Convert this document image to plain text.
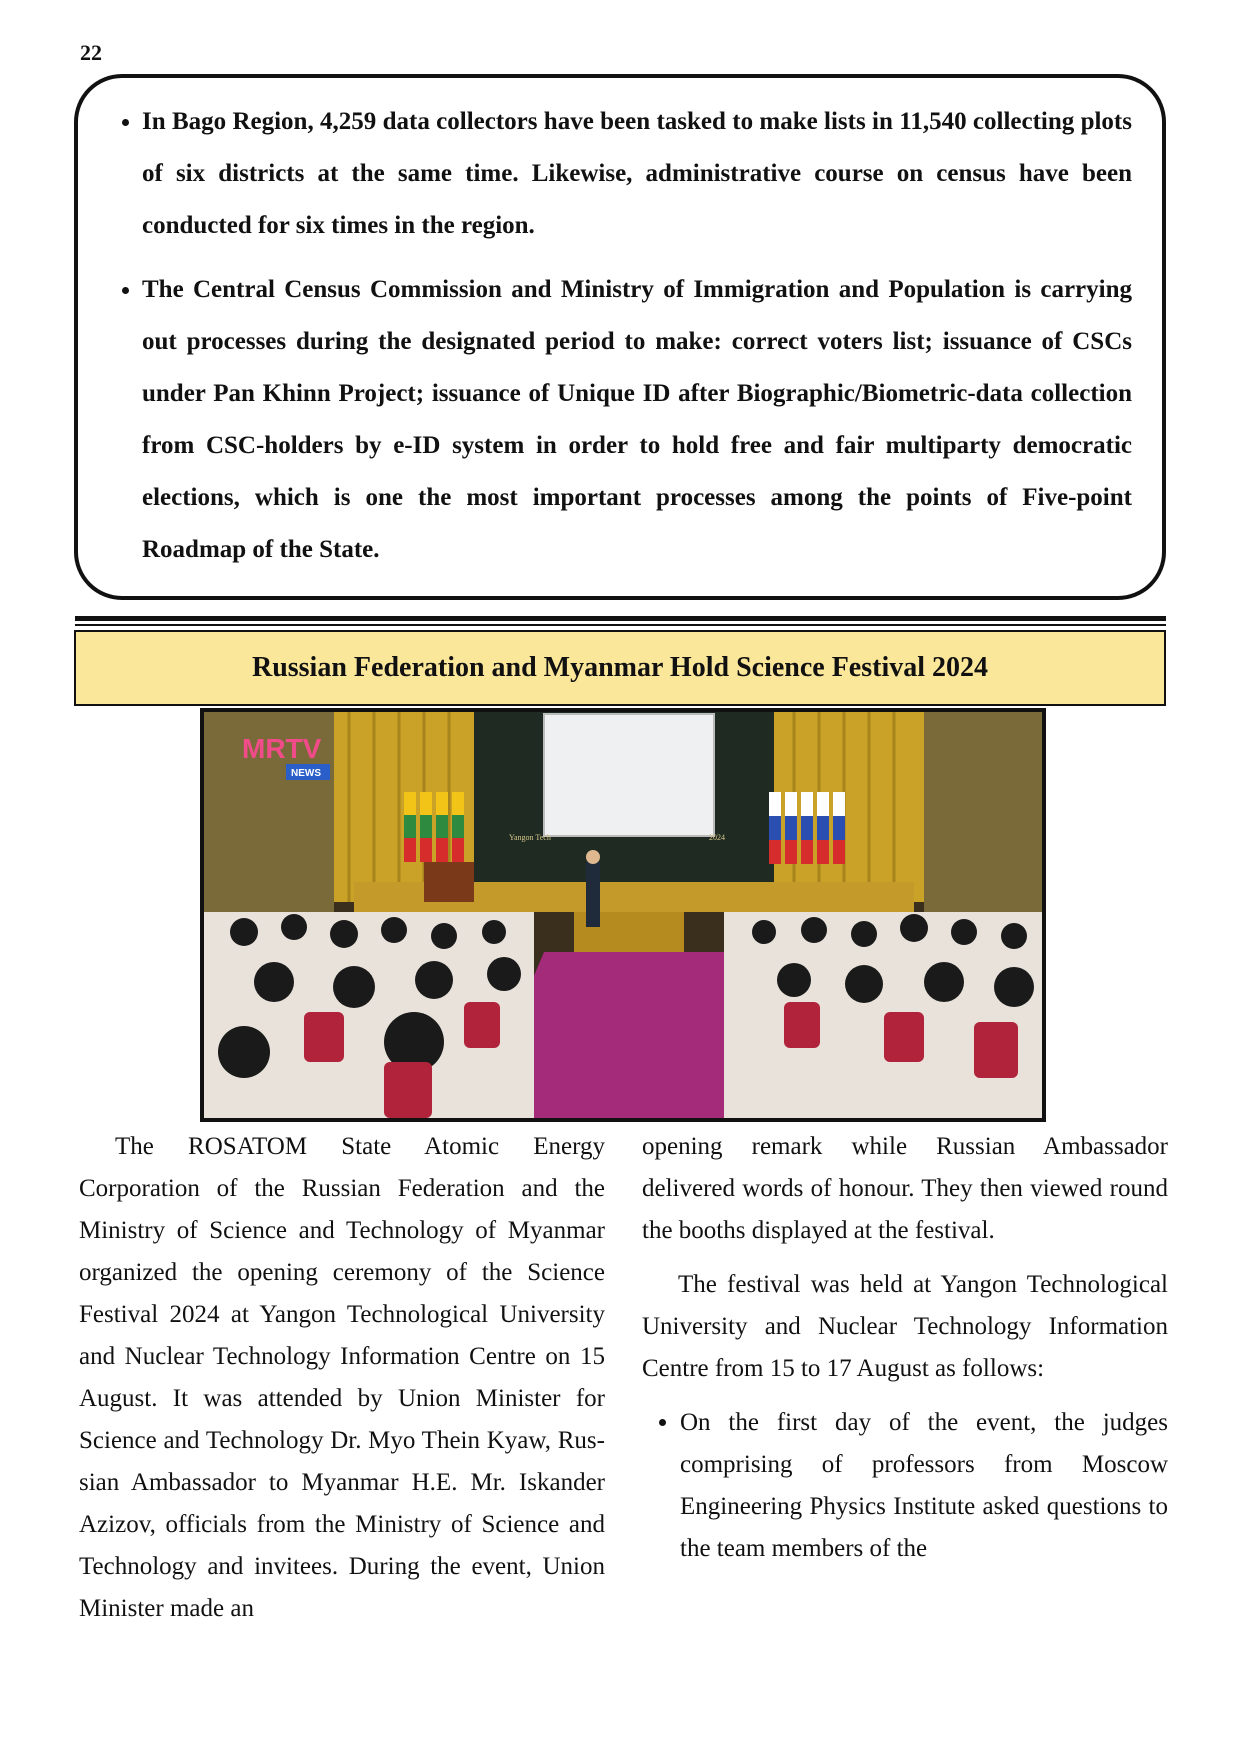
22
• In Bago Region, 4,259 data collectors have been tasked to make lists in 11,540 collecting plots of six districts at the same time. Likewise, administrative course on census have been conducted for six times in the region.
• The Central Census Commission and Ministry of Immigration and Population is carrying out processes during the designated period to make: correct voters list; issuance of CSCs under Pan Khinn Project; issuance of Unique ID after Biographic/Biometric-data collection from CSC-holders by e-ID system in order to hold free and fair multiparty democratic elections, which is one the most important processes among the points of Five-point Roadmap of the State.
Russian Federation and Myanmar Hold Science Festival 2024
Yangon Tech	2024
MRTV
NEWS

The ROSATOM State Atomic Energy Corporation of the Russian Federation and the Ministry of Science and Technology of Myanmar organized the opening ceremony of the Science Festival 2024 at Yangon Technological University and Nuclear Technology Information Centre on 15 August. It was attended by Union Minister for Science and Technology Dr. Myo Thein Kyaw, Russian Ambassador to Myanmar H.E. Mr. Iskander Azizov, officials from the Ministry of Science and Technology and invitees. During the event, Union Minister made an

opening remark while Russian Ambassador delivered words of honour. They then viewed round the booths displayed at the festival.

The festival was held at Yangon Technological University and Nuclear Technology Information Centre from 15 to 17 August as follows:

• On the first day of the event, the judges comprising of professors from Moscow Engineering Physics Institute asked questions to the team members of the
